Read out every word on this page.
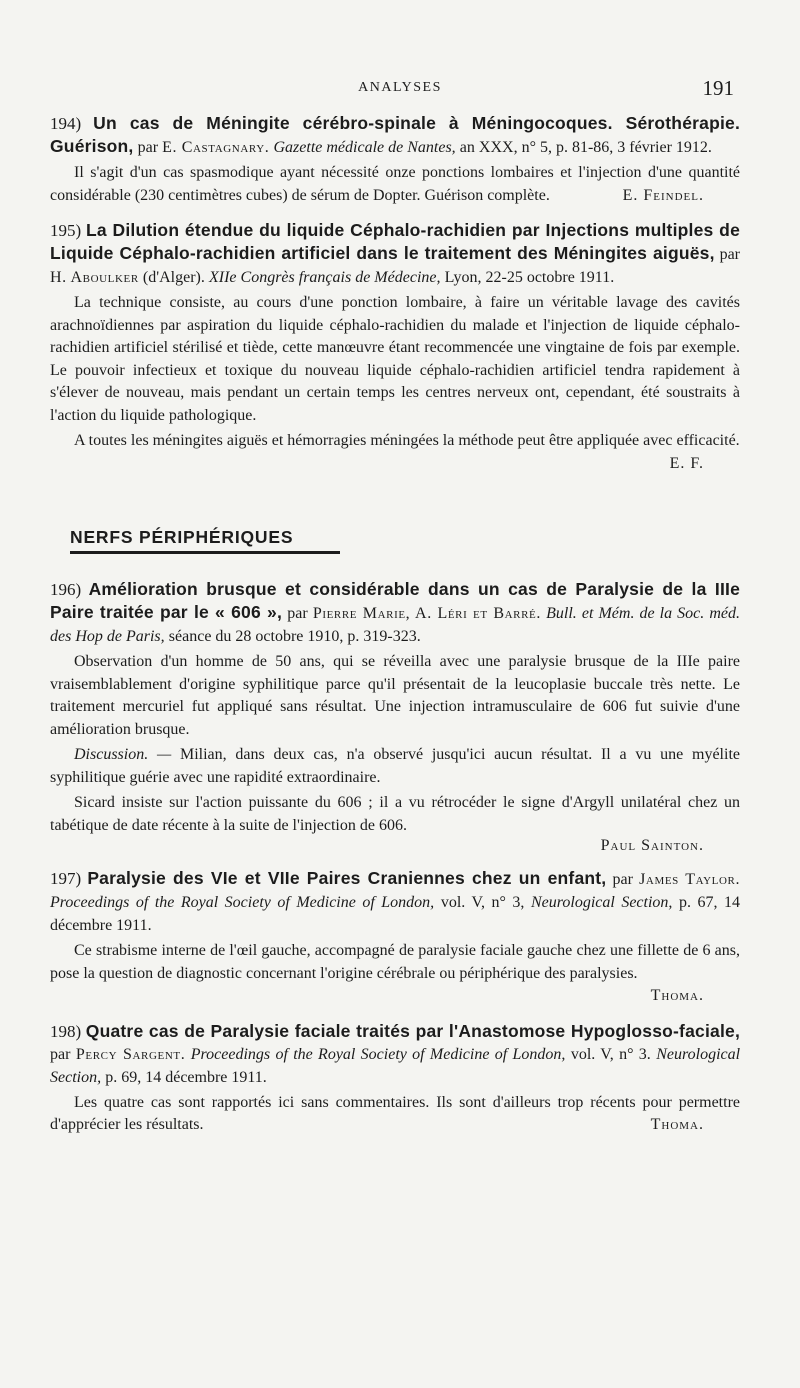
ANALYSES	191

194) Un cas de Méningite cérébro-spinale à Méningocoques. Sérothérapie. Guérison, par E. Castagnary. Gazette médicale de Nantes, an XXX, n° 5, p. 81-86, 3 février 1912.

Il s'agit d'un cas spasmodique ayant nécessité onze ponctions lombaires et l'injection d'une quantité considérable (230 centimètres cubes) de sérum de Dopter. Guérison complète.	E. Feindel.

195) La Dilution étendue du liquide Céphalo-rachidien par Injections multiples de Liquide Céphalo-rachidien artificiel dans le traitement des Méningites aiguës, par H. Aboulker (d'Alger). XIIe Congrès français de Médecine, Lyon, 22-25 octobre 1911.

La technique consiste, au cours d'une ponction lombaire, à faire un véritable lavage des cavités arachnoïdiennes par aspiration du liquide céphalo-rachidien du malade et l'injection de liquide céphalo-rachidien artificiel stérilisé et tiède, cette manœuvre étant recommencée une vingtaine de fois par exemple. Le pouvoir infectieux et toxique du nouveau liquide céphalo-rachidien artificiel tendra rapidement à s'élever de nouveau, mais pendant un certain temps les centres nerveux ont, cependant, été soustraits à l'action du liquide pathologique.

A toutes les méningites aiguës et hémorragies méningées la méthode peut être appliquée avec efficacité.
E. F.

NERFS PÉRIPHÉRIQUES

196) Amélioration brusque et considérable dans un cas de Paralysie de la IIIe Paire traitée par le « 606 », par Pierre Marie, A. Léri et Barré. Bull. et Mém. de la Soc. méd. des Hop de Paris, séance du 28 octobre 1910, p. 319-323.

Observation d'un homme de 50 ans, qui se réveilla avec une paralysie brusque de la IIIe paire vraisemblablement d'origine syphilitique parce qu'il présentait de la leucoplasie buccale très nette. Le traitement mercuriel fut appliqué sans résultat. Une injection intramusculaire de 606 fut suivie d'une amélioration brusque.

Discussion. — Milian, dans deux cas, n'a observé jusqu'ici aucun résultat. Il a vu une myélite syphilitique guérie avec une rapidité extraordinaire.

Sicard insiste sur l'action puissante du 606 ; il a vu rétrocéder le signe d'Argyll unilatéral chez un tabétique de date récente à la suite de l'injection de 606.

Paul Sainton.

197) Paralysie des VIe et VIIe Paires Craniennes chez un enfant, par James Taylor. Proceedings of the Royal Society of Medicine of London, vol. V, n° 3, Neurological Section, p. 67, 14 décembre 1911.

Ce strabisme interne de l'œil gauche, accompagné de paralysie faciale gauche chez une fillette de 6 ans, pose la question de diagnostic concernant l'origine cérébrale ou périphérique des paralysies.
Thoma.

198) Quatre cas de Paralysie faciale traités par l'Anastomose Hypoglosso-faciale, par Percy Sargent. Proceedings of the Royal Society of Medicine of London, vol. V, n° 3. Neurological Section, p. 69, 14 décembre 1911.

Les quatre cas sont rapportés ici sans commentaires. Ils sont d'ailleurs trop récents pour permettre d'apprécier les résultats.	Thoma.
